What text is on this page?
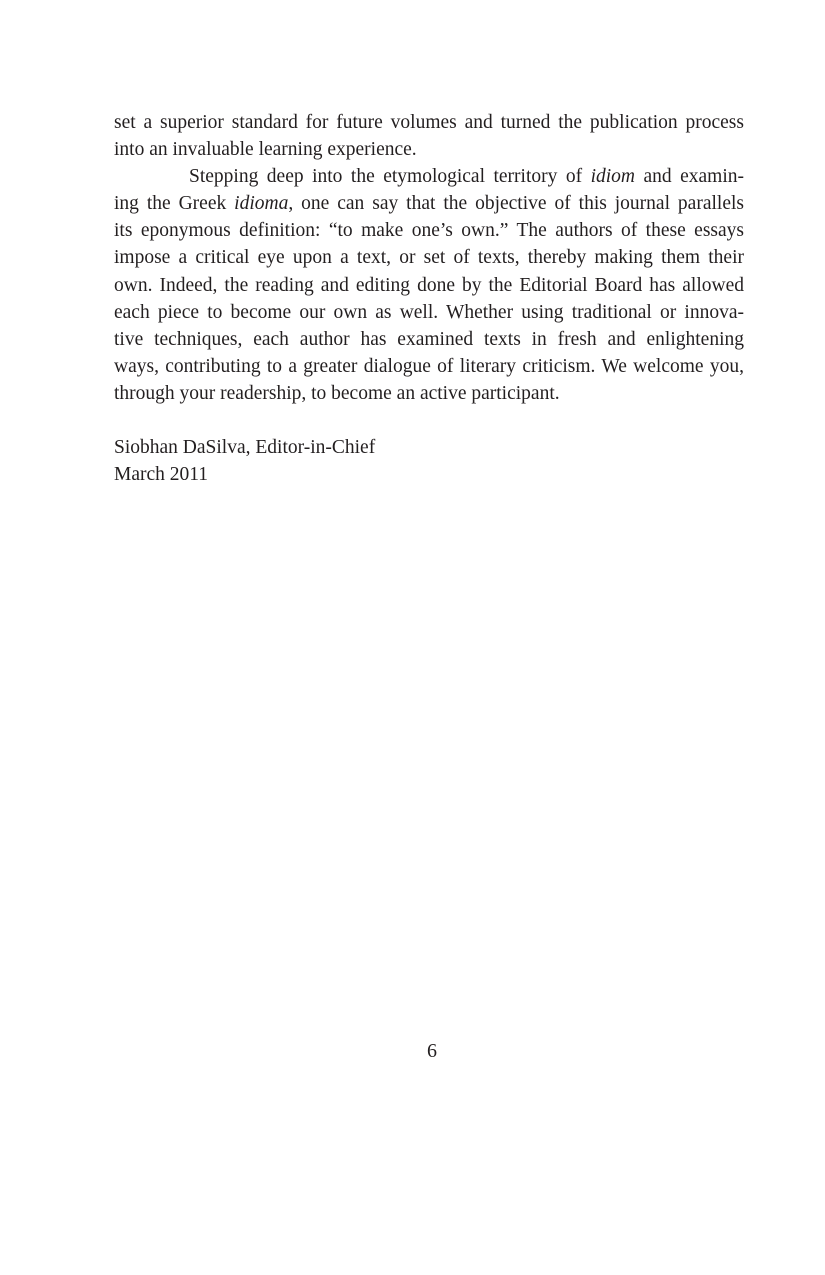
set a superior standard for future volumes and turned the publication process
into an invaluable learning experience.
Stepping deep into the etymological territory of idiom and examin-
ing the Greek idioma, one can say that the objective of this journal parallels
its eponymous definition: “to make one’s own.” The authors of these essays
impose a critical eye upon a text, or set of texts, thereby making them their
own. Indeed, the reading and editing done by the Editorial Board has allowed
each piece to become our own as well. Whether using traditional or innova-
tive techniques, each author has examined texts in fresh and enlightening
ways, contributing to a greater dialogue of literary criticism. We welcome you,
through your readership, to become an active participant.
Siobhan DaSilva, Editor-in-Chief
March 2011
6
